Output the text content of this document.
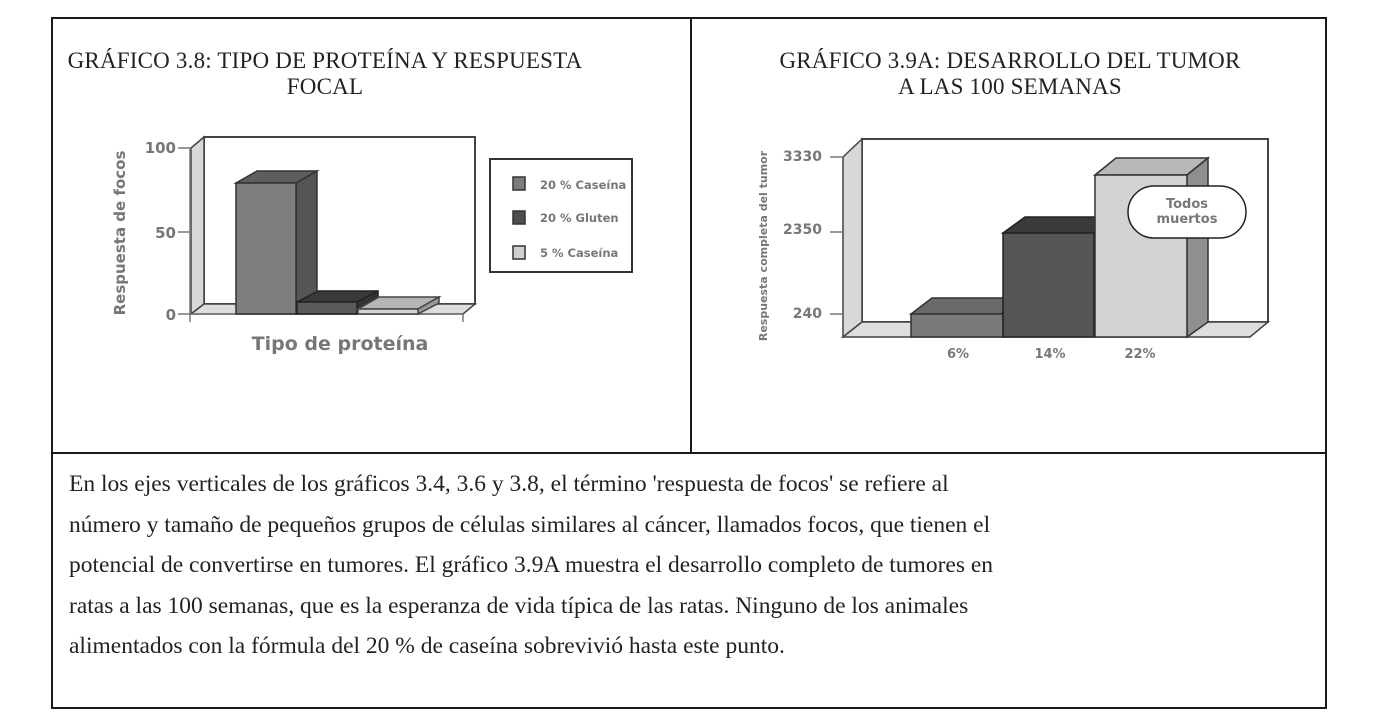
GRÁFICO 3.8: TIPO DE PROTEÍNA Y RESPUESTA
FOCAL
GRÁFICO 3.9A: DESARROLLO DEL TUMOR
A LAS 100 SEMANAS
100
50
0
Respuesta de focos
Tipo de proteína
20 % Caseína
20 % Gluten
5 % Caseína
3330
2350
240
Respuesta completa del tumor	Todos
muertos
6%	14%	22%
En los ejes verticales de los gráficos 3.4, 3.6 y 3.8, el término 'respuesta de focos' se refiere al
número y tamaño de pequeños grupos de células similares al cáncer, llamados focos, que tienen el
potencial de convertirse en tumores. El gráfico 3.9A muestra el desarrollo completo de tumores en
ratas a las 100 semanas, que es la esperanza de vida típica de las ratas. Ninguno de los animales
alimentados con la fórmula del 20 % de caseína sobrevivió hasta este punto.
